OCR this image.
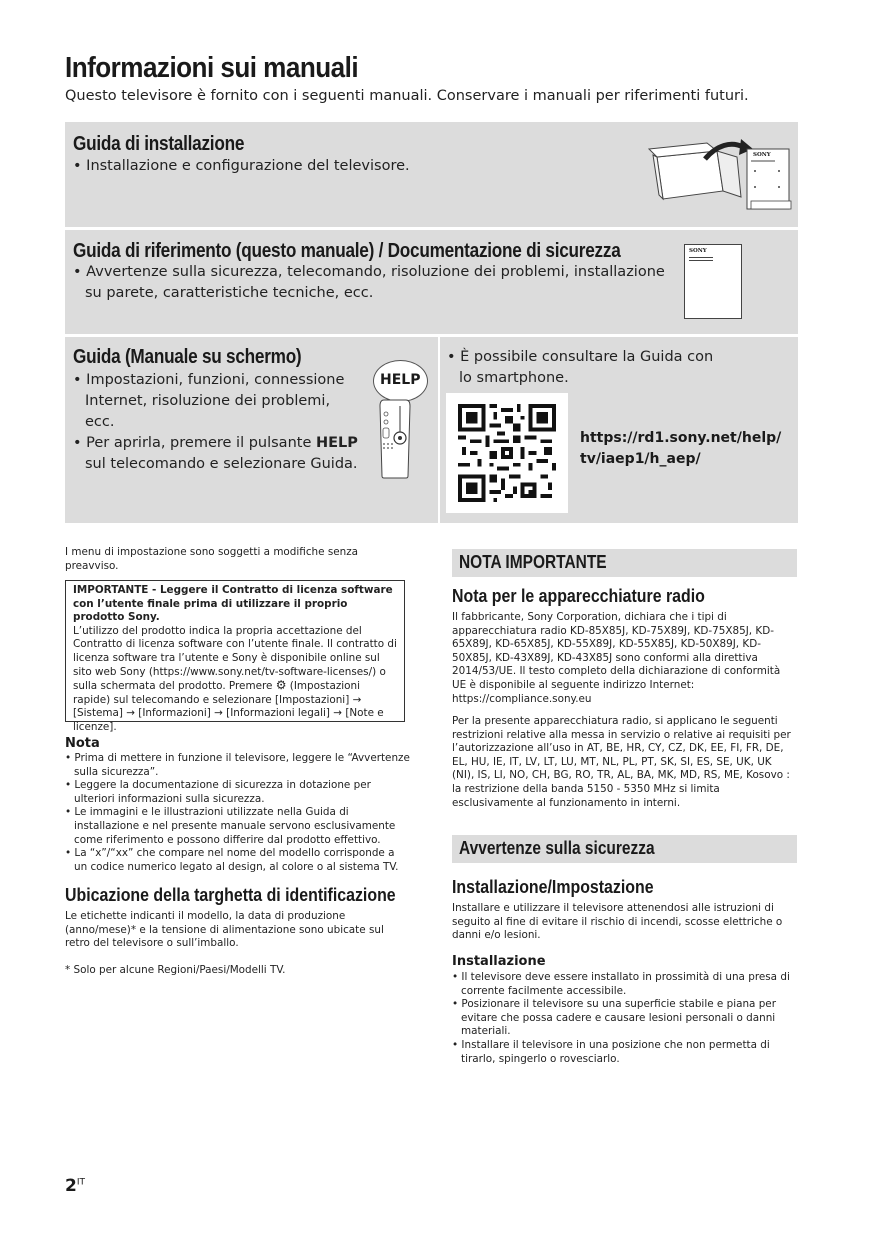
Informazioni sui manuali
Questo televisore è fornito con i seguenti manuali. Conservare i manuali per riferimenti futuri.
Guida di installazione
• Installazione e configurazione del televisore.
SONY
Guida di riferimento (questo manuale) / Documentazione di sicurezza
• Avvertenze sulla sicurezza, telecomando, risoluzione dei problemi, installazione su parete, caratteristiche tecniche, ecc.
SONY
Guida (Manuale su schermo)
• Impostazioni, funzioni, connessione Internet, risoluzione dei problemi, ecc.
• Per aprirla, premere il pulsante HELP sul telecomando e selezionare Guida.
HELP
• È possibile consultare la Guida con lo smartphone.
https://rd1.sony.net/help/tv/iaep1/h_aep/
I menu di impostazione sono soggetti a modifiche senza preavviso.
IMPORTANTE - Leggere il Contratto di licenza software con l’utente finale prima di utilizzare il proprio prodotto Sony.
L’utilizzo del prodotto indica la propria accettazione del Contratto di licenza software con l’utente finale. Il contratto di licenza software tra l’utente e Sony è disponibile online sul sito web Sony (https://www.sony.net/tv-software-licenses/) o sulla schermata del prodotto. Premere ⚙ (Impostazioni rapide) sul telecomando e selezionare [Impostazioni] → [Sistema] → [Informazioni] → [Informazioni legali] → [Note e licenze].
Nota
• Prima di mettere in funzione il televisore, leggere le “Avvertenze sulla sicurezza”.
• Leggere la documentazione di sicurezza in dotazione per ulteriori informazioni sulla sicurezza.
• Le immagini e le illustrazioni utilizzate nella Guida di installazione e nel presente manuale servono esclusivamente come riferimento e possono differire dal prodotto effettivo.
• La “x”/“xx” che compare nel nome del modello corrisponde a un codice numerico legato al design, al colore o al sistema TV.
Ubicazione della targhetta di identificazione
Le etichette indicanti il modello, la data di produzione (anno/mese)* e la tensione di alimentazione sono ubicate sul retro del televisore o sull’imballo.
* Solo per alcune Regioni/Paesi/Modelli TV.
NOTA IMPORTANTE
Nota per le apparecchiature radio
Il fabbricante, Sony Corporation, dichiara che i tipi di apparecchiatura radio KD-85X85J, KD-75X89J, KD-75X85J, KD-65X89J, KD-65X85J, KD-55X89J, KD-55X85J, KD-50X89J, KD-50X85J, KD-43X89J, KD-43X85J sono conformi alla direttiva 2014/53/UE. Il testo completo della dichiarazione di conformità UE è disponibile al seguente indirizzo Internet: https://compliance.sony.eu
Per la presente apparecchiatura radio, si applicano le seguenti restrizioni relative alla messa in servizio o relative ai requisiti per l’autorizzazione all’uso in AT, BE, HR, CY, CZ, DK, EE, FI, FR, DE, EL, HU, IE, IT, LV, LT, LU, MT, NL, PL, PT, SK, SI, ES, SE, UK, UK (NI), IS, LI, NO, CH, BG, RO, TR, AL, BA, MK, MD, RS, ME, Kosovo : la restrizione della banda 5150 - 5350 MHz si limita esclusivamente al funzionamento in interni.
Avvertenze sulla sicurezza
Installazione/Impostazione
Installare e utilizzare il televisore attenendosi alle istruzioni di seguito al fine di evitare il rischio di incendi, scosse elettriche o danni e/o lesioni.
Installazione
• Il televisore deve essere installato in prossimità di una presa di corrente facilmente accessibile.
• Posizionare il televisore su una superficie stabile e piana per evitare che possa cadere e causare lesioni personali o danni materiali.
• Installare il televisore in una posizione che non permetta di tirarlo, spingerlo o rovesciarlo.
$2^{IT}$
